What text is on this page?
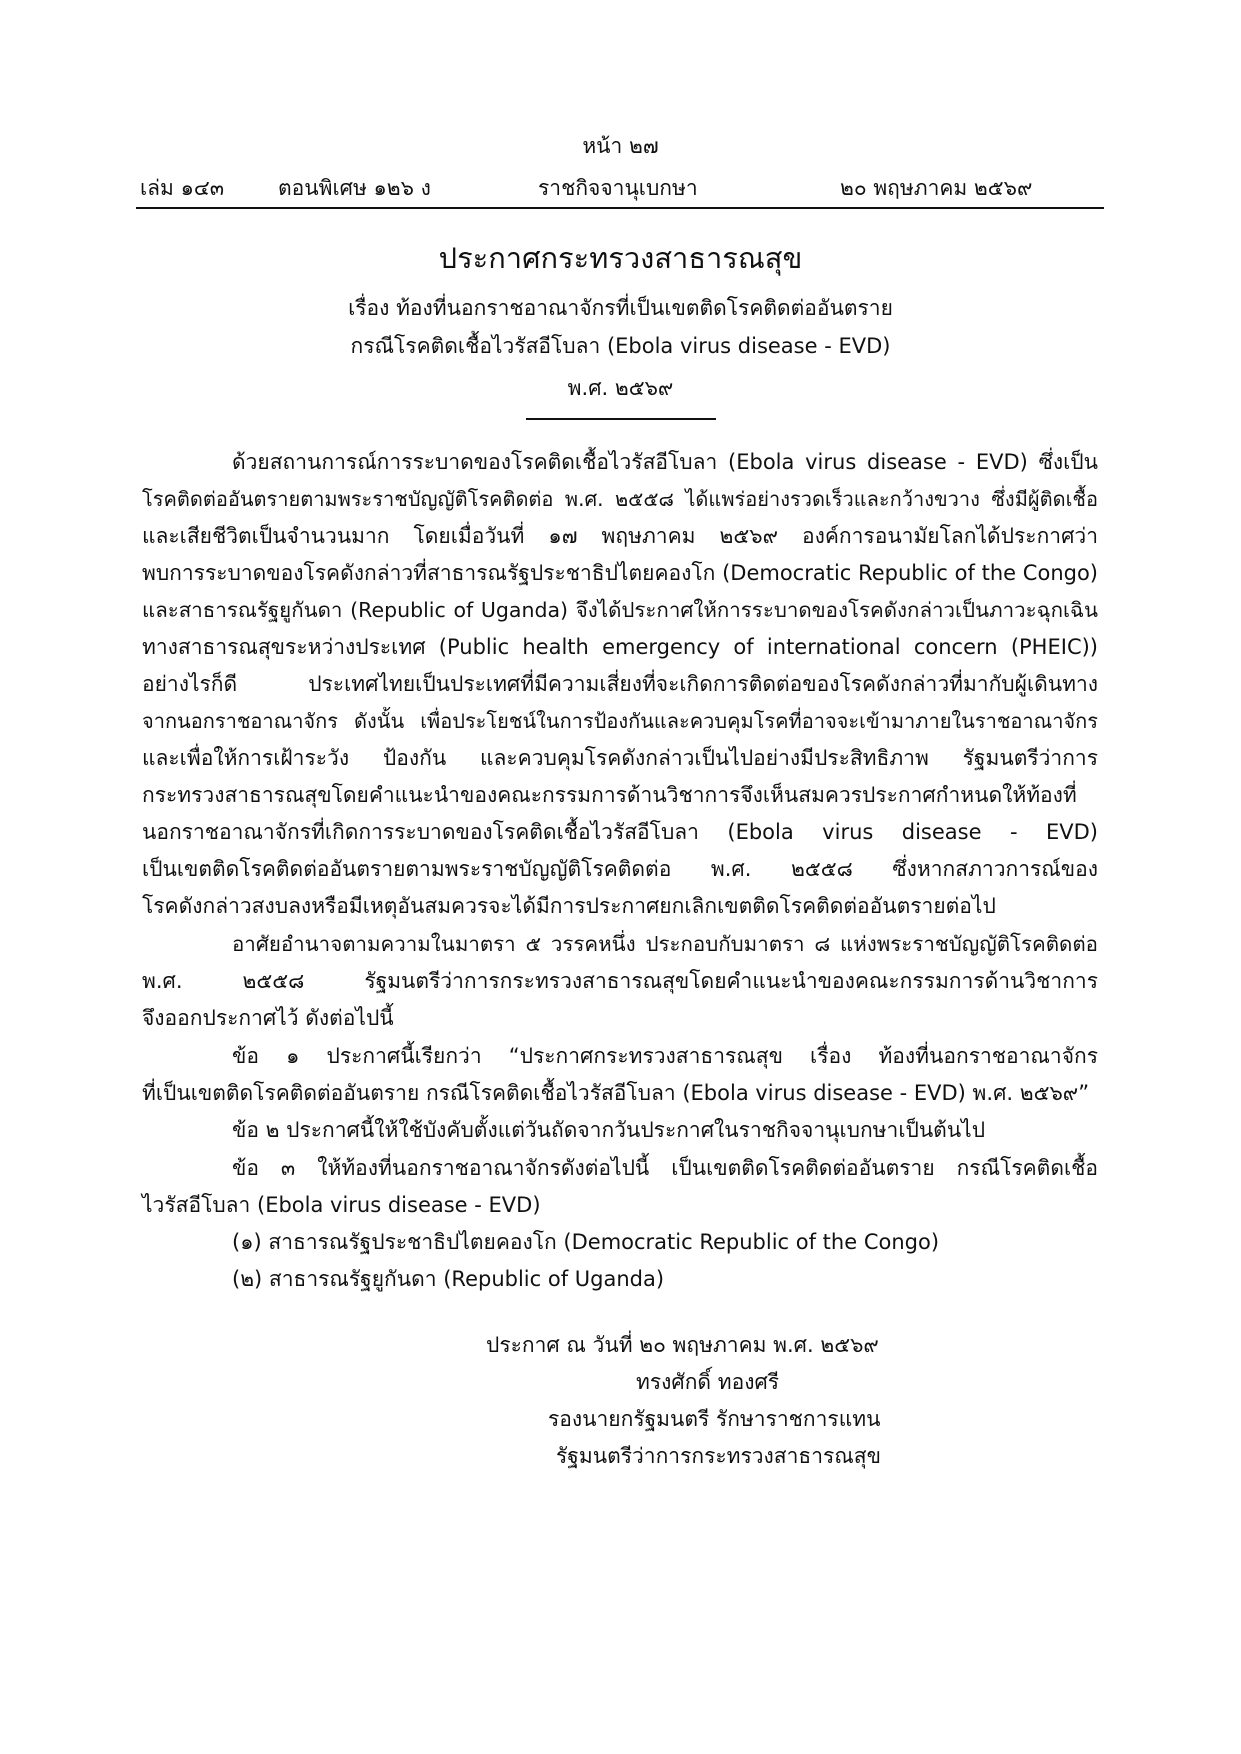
หน้า ๒๗
เล่ม ๑๔๓	ตอนพิเศษ ๑๒๖ ง	ราชกิจจานุเบกษา	๒๐ พฤษภาคม ๒๕๖๙
ประกาศกระทรวงสาธารณสุข
เรื่อง ท้องที่นอกราชอาณาจักรที่เป็นเขตติดโรคติดต่ออันตราย
กรณีโรคติดเชื้อไวรัสอีโบลา (Ebola virus disease - EVD)
พ.ศ. ๒๕๖๙
ด้วยสถานการณ์การระบาดของโรคติดเชื้อไวรัสอีโบลา (Ebola virus disease - EVD) ซึ่งเป็น
โรคติดต่ออันตรายตามพระราชบัญญัติโรคติดต่อ พ.ศ. ๒๕๕๘ ได้แพร่อย่างรวดเร็วและกว้างขวาง ซึ่งมีผู้ติดเชื้อ
และเสียชีวิตเป็นจำนวนมาก โดยเมื่อวันที่ ๑๗ พฤษภาคม ๒๕๖๙ องค์การอนามัยโลกได้ประกาศว่า
พบการระบาดของโรคดังกล่าวที่สาธารณรัฐประชาธิปไตยคองโก (Democratic Republic of the Congo)
และสาธารณรัฐยูกันดา (Republic of Uganda) จึงได้ประกาศให้การระบาดของโรคดังกล่าวเป็นภาวะฉุกเฉิน
ทางสาธารณสุขระหว่างประเทศ (Public health emergency of international concern (PHEIC))
อย่างไรก็ดี ประเทศไทยเป็นประเทศที่มีความเสี่ยงที่จะเกิดการติดต่อของโรคดังกล่าวที่มากับผู้เดินทาง
จากนอกราชอาณาจักร ดังนั้น เพื่อประโยชน์ในการป้องกันและควบคุมโรคที่อาจจะเข้ามาภายในราชอาณาจักร
และเพื่อให้การเฝ้าระวัง ป้องกัน และควบคุมโรคดังกล่าวเป็นไปอย่างมีประสิทธิภาพ รัฐมนตรีว่าการ
กระทรวงสาธารณสุขโดยคำแนะนำของคณะกรรมการด้านวิชาการจึงเห็นสมควรประกาศกำหนดให้ท้องที่
นอกราชอาณาจักรที่เกิดการระบาดของโรคติดเชื้อไวรัสอีโบลา (Ebola virus disease - EVD)
เป็นเขตติดโรคติดต่ออันตรายตามพระราชบัญญัติโรคติดต่อ พ.ศ. ๒๕๕๘ ซึ่งหากสภาวการณ์ของ
โรคดังกล่าวสงบลงหรือมีเหตุอันสมควรจะได้มีการประกาศยกเลิกเขตติดโรคติดต่ออันตรายต่อไป
อาศัยอำนาจตามความในมาตรา ๕ วรรคหนึ่ง ประกอบกับมาตรา ๘ แห่งพระราชบัญญัติโรคติดต่อ
พ.ศ. ๒๕๕๘ รัฐมนตรีว่าการกระทรวงสาธารณสุขโดยคำแนะนำของคณะกรรมการด้านวิชาการ
จึงออกประกาศไว้ ดังต่อไปนี้
ข้อ ๑ ประกาศนี้เรียกว่า “ประกาศกระทรวงสาธารณสุข เรื่อง ท้องที่นอกราชอาณาจักร
ที่เป็นเขตติดโรคติดต่ออันตราย กรณีโรคติดเชื้อไวรัสอีโบลา (Ebola virus disease - EVD) พ.ศ. ๒๕๖๙”
ข้อ ๒ ประกาศนี้ให้ใช้บังคับตั้งแต่วันถัดจากวันประกาศในราชกิจจานุเบกษาเป็นต้นไป
ข้อ ๓ ให้ท้องที่นอกราชอาณาจักรดังต่อไปนี้ เป็นเขตติดโรคติดต่ออันตราย กรณีโรคติดเชื้อ
ไวรัสอีโบลา (Ebola virus disease - EVD)
(๑) สาธารณรัฐประชาธิปไตยคองโก (Democratic Republic of the Congo)
(๒) สาธารณรัฐยูกันดา (Republic of Uganda)
ประกาศ ณ วันที่ ๒๐ พฤษภาคม พ.ศ. ๒๕๖๙
ทรงศักดิ์ ทองศรี
รองนายกรัฐมนตรี รักษาราชการแทน
รัฐมนตรีว่าการกระทรวงสาธารณสุข
